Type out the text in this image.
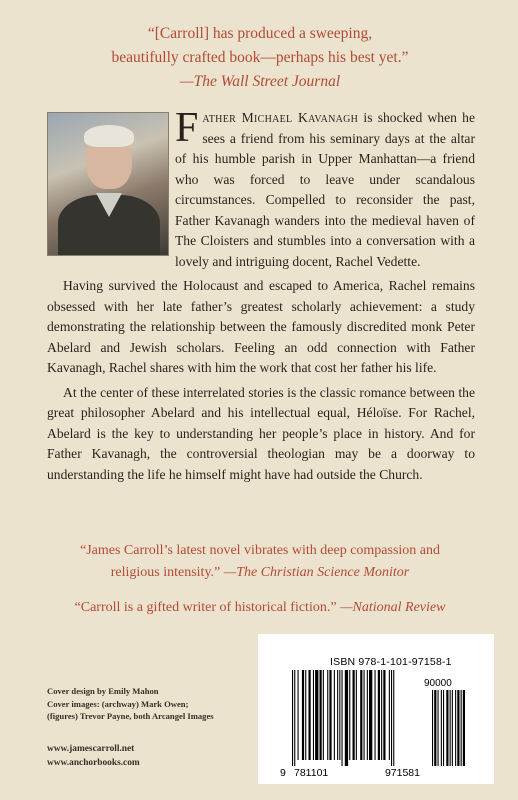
“[Carroll] has produced a sweeping,
beautifully crafted book—perhaps his best yet.”
—The Wall Street Journal

Father Michael Kavanagh is shocked when he sees a friend from his seminary days at the altar of his humble parish in Upper Manhattan—a friend who was forced to leave under scandalous circumstances. Compelled to reconsider the past, Father Kavanagh wanders into the medieval haven of The Cloisters and stumbles into a conversation with a lovely and intriguing docent, Rachel Vedette.

Having survived the Holocaust and escaped to America, Rachel remains obsessed with her late father’s greatest scholarly achievement: a study demonstrating the relationship between the famously discredited monk Peter Abelard and Jewish scholars. Feeling an odd connection with Father Kavanagh, Rachel shares with him the work that cost her father his life.

At the center of these interrelated stories is the classic romance between the great philosopher Abelard and his intellectual equal, Héloïse. For Rachel, Abelard is the key to understanding her people’s place in history. And for Father Kavanagh, the controversial theologian may be a doorway to understanding the life he himself might have had outside the Church.

“James Carroll’s latest novel vibrates with deep compassion and
religious intensity.” —The Christian Science Monitor
“Carroll is a gifted writer of historical fiction.” —National Review
Cover design by Emily Mahon
Cover images: (archway) Mark Owen;
(figures) Trevor Payne, both Arcangel Images
www.jamescarroll.net
www.anchorbooks.com
ISBN 978-1-101-97158-1
90000
9 781101	971581
